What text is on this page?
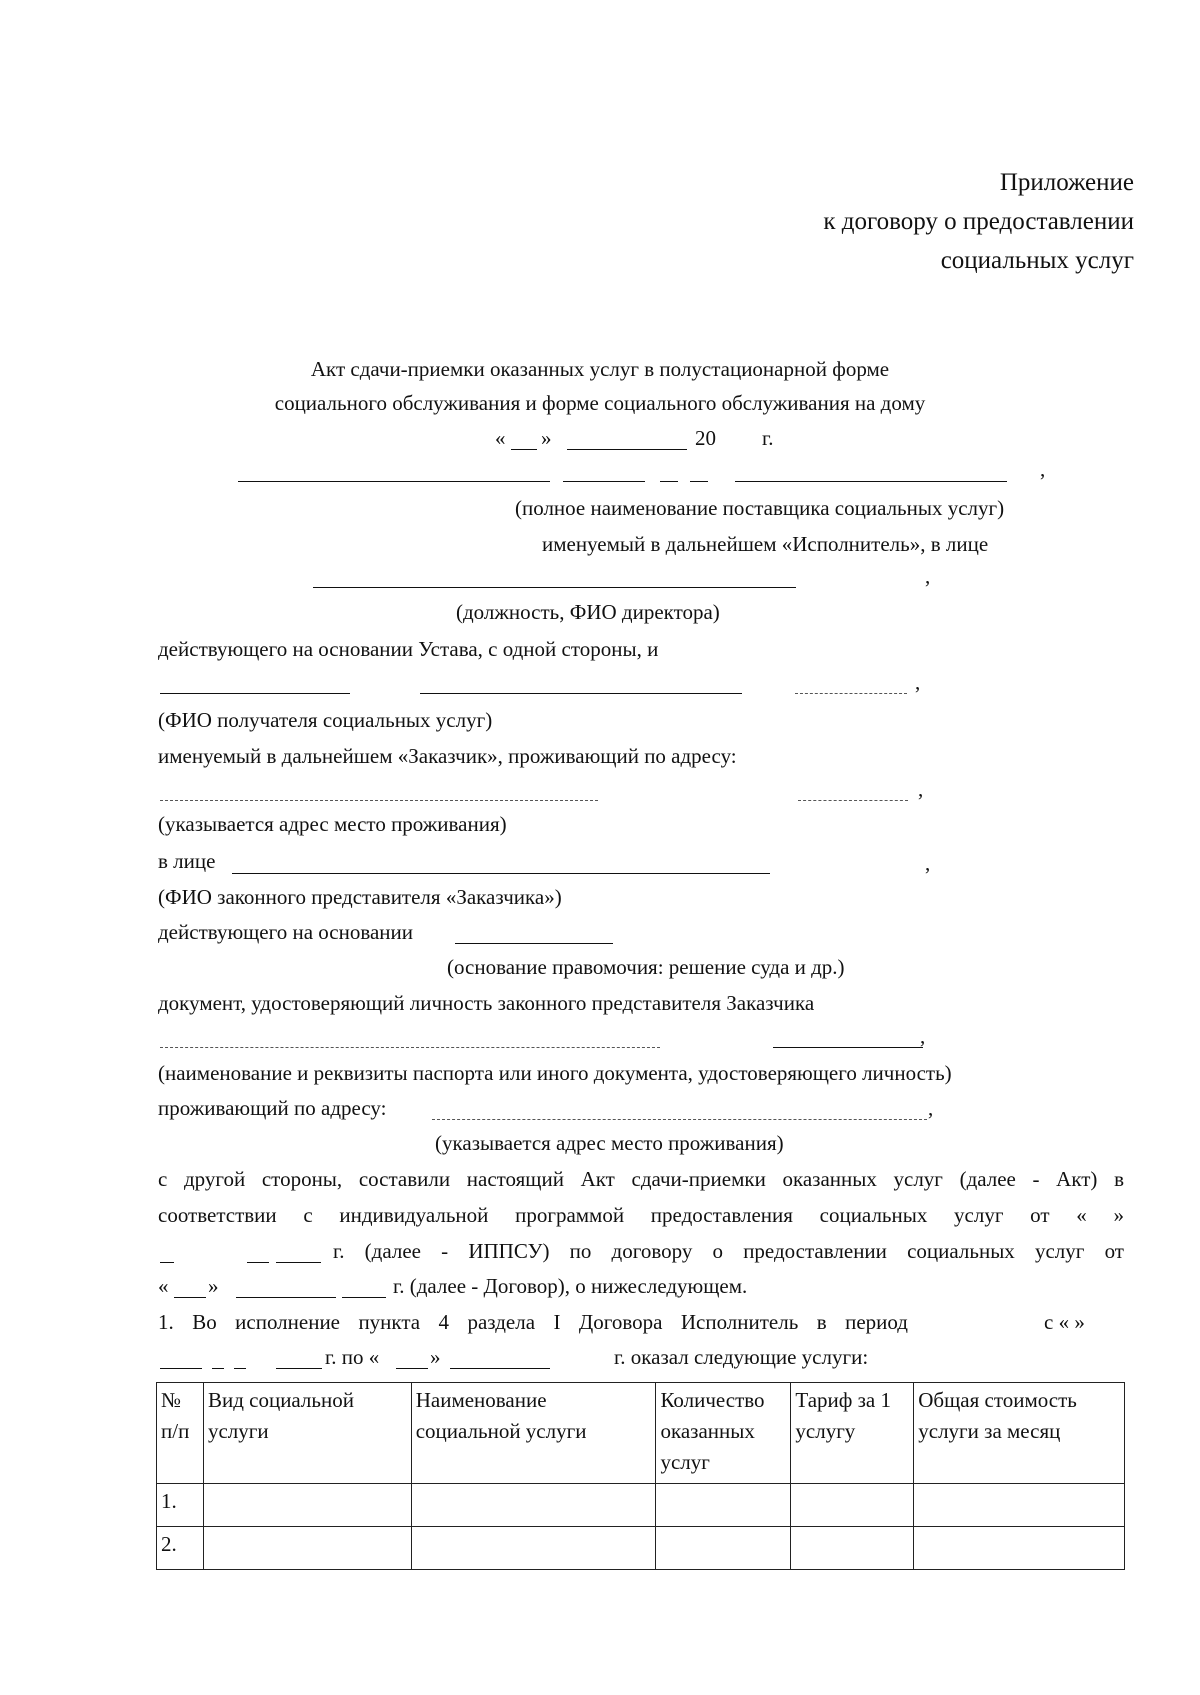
Приложение
к договору о предоставлении
социальных услуг
Акт сдачи-приемки оказанных услуг в полустационарной форме
социального обслуживания и форме социального обслуживания на дому
« »	20 г.
,
(полное наименование поставщика социальных услуг)
именуемый в дальнейшем «Исполнитель», в лице
,
(должность, ФИО директора)
действующего на основании Устава, с одной стороны, и
,
(ФИО получателя социальных услуг)
именуемый в дальнейшем «Заказчик», проживающий по адресу:
,
(указывается адрес место проживания)
в лице	,
(ФИО законного представителя «Заказчика»)
действующего на основании
(основание правомочия: решение суда и др.)
документ, удостоверяющий личность законного представителя Заказчика
,
(наименование и реквизиты паспорта или иного документа, удостоверяющего личность)
проживающий по адресу:	,
(указывается адрес место проживания)
с другой стороны, составили настоящий Акт сдачи-приемки оказанных услуг (далее - Акт) в
соответствии с индивидуальной программой предоставления социальных услуг от « »
г. (далее - ИППСУ) по договору о предоставлении социальных услуг от
« »	г. (далее - Договор), о нижеследующем.
1. Во исполнение пункта 4 раздела I Договора Исполнитель в период	с « »
г. по « »	г. оказал следующие услуги:
№ п/п	Вид социальной услуги	Наименование социальной услуги	Количество оказанных услуг	Тариф за 1 услугу	Общая стоимость услуги за месяц
1.					
2.					
